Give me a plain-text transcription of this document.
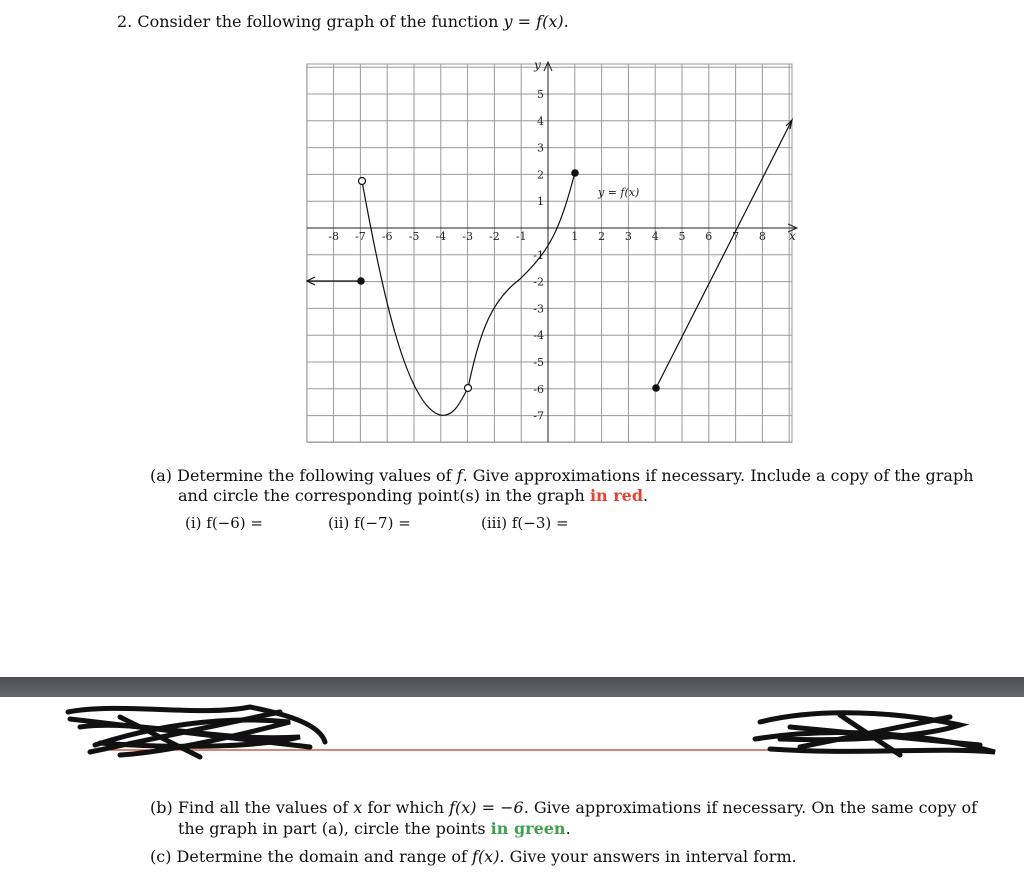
2. Consider the following graph of the function y = f(x).
-8 -7 -6 -5 -4 -3 -2 -1	1 2 3 4 5 6 7 8
5
4
3
2
1
-1
-2
-3
-4
-5
-6
-7
x
y
y = f(x)
(a) Determine the following values of f. Give approximations if necessary. Include a copy of the graph
and circle the corresponding point(s) in the graph in red.
(i) f(−6) =	(ii) f(−7) =	(iii) f(−3) =
(b) Find all the values of x for which f(x) = −6. Give approximations if necessary. On the same copy of
the graph in part (a), circle the points in green.
(c) Determine the domain and range of f(x). Give your answers in interval form.
